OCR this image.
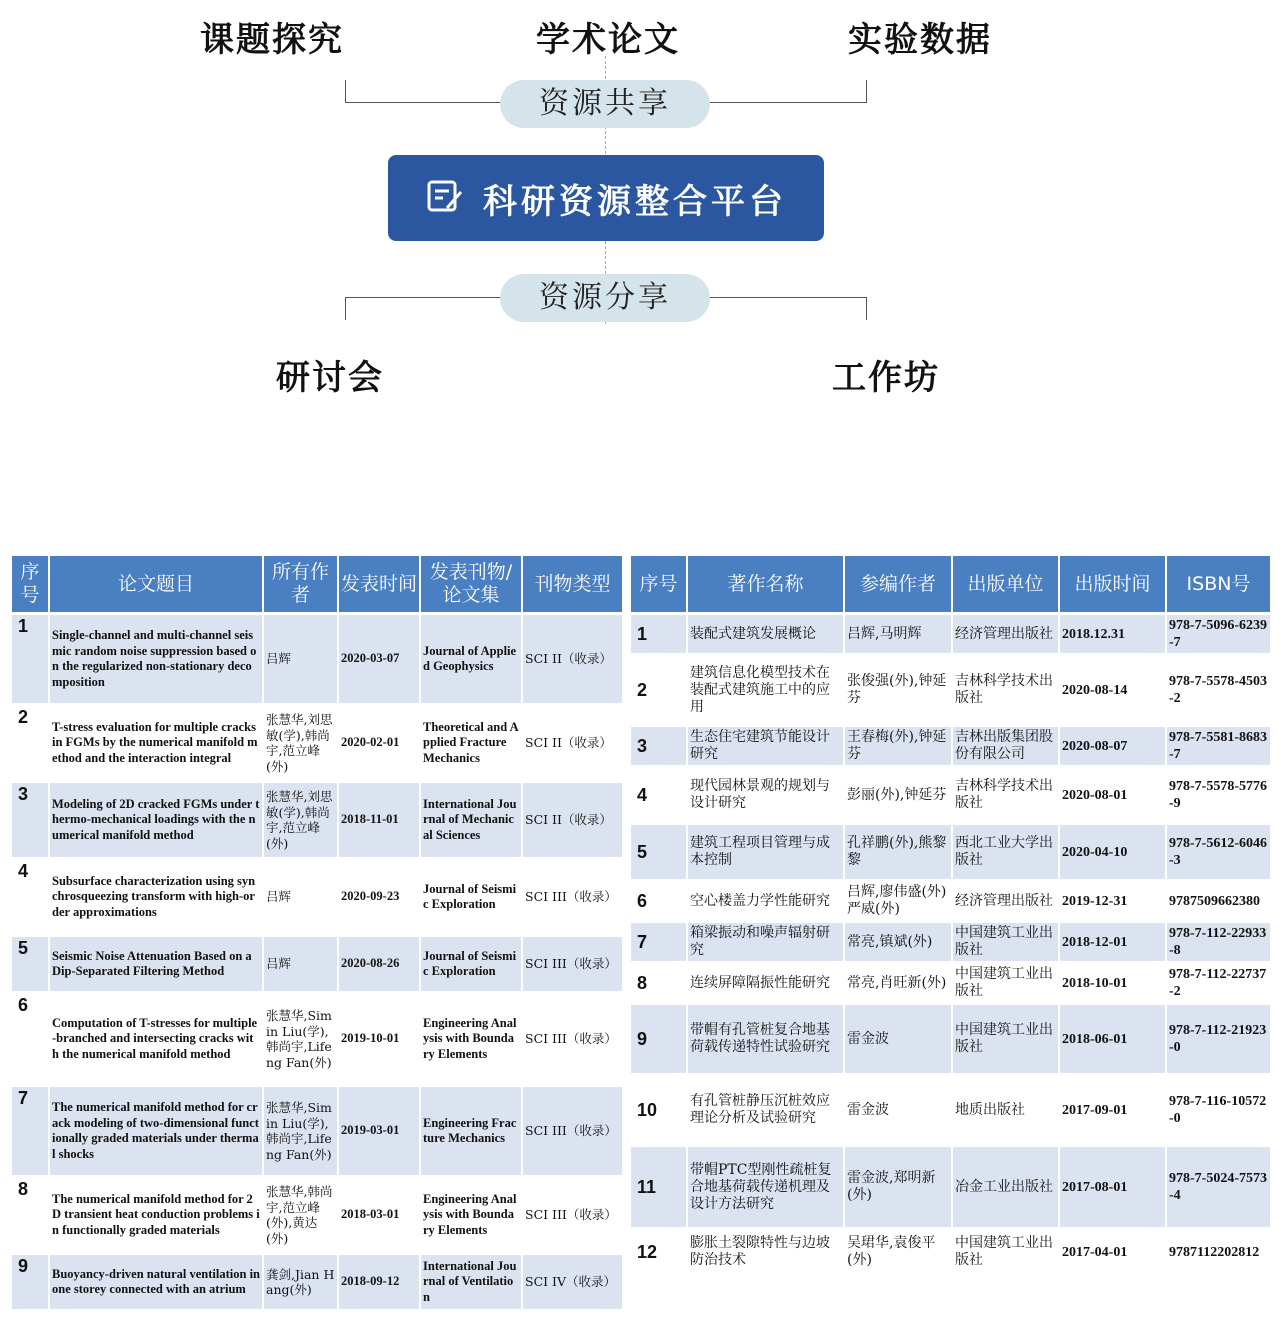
课题探究	学术论文	实验数据
资源共享
科研资源整合平台
资源分享
研讨会	工作坊
序号	论文题目	所有作者	发表时间	发表刊物/论文集	刊物类型
1	Single-channel and multi-channel seismic random noise suppression based on the regularized non-stationary decomposition	吕辉	2020-03-07	Journal of Applied Geophysics	SCI II（收录）
2	T-stress evaluation for multiple cracks in FGMs by the numerical manifold method and the interaction integral	张慧华,刘思敏(学),韩尚宇,范立峰(外)	2020-02-01	Theoretical and Applied Fracture Mechanics	SCI II（收录）
3	Modeling of 2D cracked FGMs under thermo-mechanical loadings with the numerical manifold method	张慧华,刘思敏(学),韩尚宇,范立峰(外)	2018-11-01	International Journal of Mechanical Sciences	SCI II（收录）
4	Subsurface characterization using synchrosqueezing transform with high-order approximations	吕辉	2020-09-23	Journal of Seismic Exploration	SCI III（收录）
5	Seismic Noise Attenuation Based on a Dip-Separated Filtering Method	吕辉	2020-08-26	Journal of Seismic Exploration	SCI III（收录）
6	Computation of T-stresses for multiple-branched and intersecting cracks with the numerical manifold method	张慧华,Simin Liu(学),韩尚宇,Lifeng Fan(外)	2019-10-01	Engineering Analysis with Boundary Elements	SCI III（收录）
7	The numerical manifold method for crack modeling of two-dimensional functionally graded materials under thermal shocks	张慧华,Simin Liu(学),韩尚宇,Lifeng Fan(外)	2019-03-01	Engineering Fracture Mechanics	SCI III（收录）
8	The numerical manifold method for 2D transient heat conduction problems in functionally graded materials	张慧华,韩尚宇,范立峰(外),黄达(外)	2018-03-01	Engineering Analysis with Boundary Elements	SCI III（收录）
9	Buoyancy-driven natural ventilation in one storey connected with an atrium	龚剑,Jian Hang(外)	2018-09-12	International Journal of Ventilation	SCI IV（收录）
序号	著作名称	参编作者	出版单位	出版时间	ISBN号
1	装配式建筑发展概论	吕辉,马明辉	经济管理出版社	2018.12.31	978-7-5096-6239-7
2	建筑信息化模型技术在装配式建筑施工中的应用	张俊强(外),钟延芬	吉林科学技术出版社	2020-08-14	978-7-5578-4503-2
3	生态住宅建筑节能设计研究	王春梅(外),钟延芬	吉林出版集团股份有限公司	2020-08-07	978-7-5581-8683-7
4	现代园林景观的规划与设计研究	彭丽(外),钟延芬	吉林科学技术出版社	2020-08-01	978-7-5578-5776-9
5	建筑工程项目管理与成本控制	孔祥鹏(外),熊黎黎	西北工业大学出版社	2020-04-10	978-7-5612-6046-3
6	空心楼盖力学性能研究	吕辉,廖伟盛(外)严威(外)	经济管理出版社	2019-12-31	9787509662380
7	箱梁振动和噪声辐射研究	常亮,镇斌(外)	中国建筑工业出版社	2018-12-01	978-7-112-22933-8
8	连续屏障隔振性能研究	常亮,肖旺新(外)	中国建筑工业出版社	2018-10-01	978-7-112-22737-2
9	带帽有孔管桩复合地基荷载传递特性试验研究	雷金波	中国建筑工业出版社	2018-06-01	978-7-112-21923-0
10	有孔管桩静压沉桩效应理论分析及试验研究	雷金波	地质出版社	2017-09-01	978-7-116-10572-0
11	带帽PTC型刚性疏桩复合地基荷载传递机理及设计方法研究	雷金波,郑明新(外)	冶金工业出版社	2017-08-01	978-7-5024-7573-4
12	膨胀土裂隙特性与边坡防治技术	吴珺华,袁俊平(外)	中国建筑工业出版社	2017-04-01	9787112202812
